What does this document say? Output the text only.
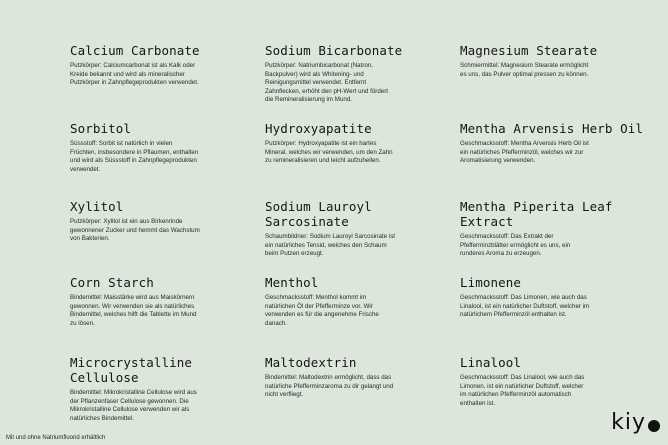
Calcium Carbonate

Putzkörper: Calciumcarbonat ist als Kalk oder Kreide bekannt und wird als mineralischer Putzkörper in Zahnpflegeprodukten verwendet.

Sodium Bicarbonate

Putzkörper: Natriumbicarbonat (Natron, Backpulver) wird als Whitening- und Reinigungsmittel verwendet. Entfernt Zahnflecken, erhöht den pH-Wert und fördert die Remineralisierung im Mund.

Magnesium Stearate

Schmiermittel: Magnesium Stearate ermöglicht es uns, das Pulver optimal pressen zu können.

Sorbitol

Süssstoff: Sorbit ist natürlich in vielen Früchten, insbesondere in Pflaumen, enthalten und wird als Süssstoff in Zahnpflegeprodukten verwendet.

Hydroxyapatite

Putzkörper: Hydroxyapatite ist ein hartes Mineral, welches wir verwenden, um den Zahn zu remineralisieren und leicht aufzuhellen.

Mentha Arvensis Herb Oil

Geschmacksstoff: Mentha Arvensis Herb Oil ist ein natürliches Pfefferminzöl, welches wir zur Aromatisierung verwenden.

Xylitol

Putzkörper: Xylitol ist ein aus Birkenrinde gewonnener Zucker und hemmt das Wachstum von Bakterien.

Sodium Lauroyl Sarcosinate

Schaumbildner: Sodium Lauroyl Sarcosinate ist ein natürliches Tensid, welches den Schaum beim Putzen erzeugt.

Mentha Piperita Leaf Extract

Geschmacksstoff: Das Extrakt der Pfefferminzblätter ermöglicht es uns, ein runderes Aroma zu erzeugen.

Corn Starch

Bindemittel: Maisstärke wird aus Maiskörnern gewonnen. Wir verwenden sie als natürliches Bindemittel, welches hilft die Tablette im Mund zu lösen.

Menthol

Geschmacksstoff: Menthol kommt im natürlichen Öl der Pfefferminze vor. Wir verwenden es für die angenehme Frische danach.

Limonene

Geschmacksstoff: Das Limonen, wie auch das Linalool, ist ein natürlicher Duftstoff, welcher im natürlichem Pfefferminzöl enthalten ist.

Microcrystalline Cellulose

Bindemittel: Mikrokristalline Cellulose wird aus der Pflanzenfaser Cellulose gewonnen. Die Mikrokristalline Cellulose verwenden wir als natürliches Bindemittel.

Maltodextrin

Bindemittel: Maltodextrin ermöglicht, dass das natürliche Pfefferminzaroma zu dir gelangt und nicht verfliegt.

Linalool

Geschmacksstoff: Das Linalool, wie auch das Limonen, ist ein natürlicher Duftstoff, welcher im natürlichen Pfefferminzöl automatisch enthalten ist.

Mit und ohne Natriumfluorid erhältlich
kiy
